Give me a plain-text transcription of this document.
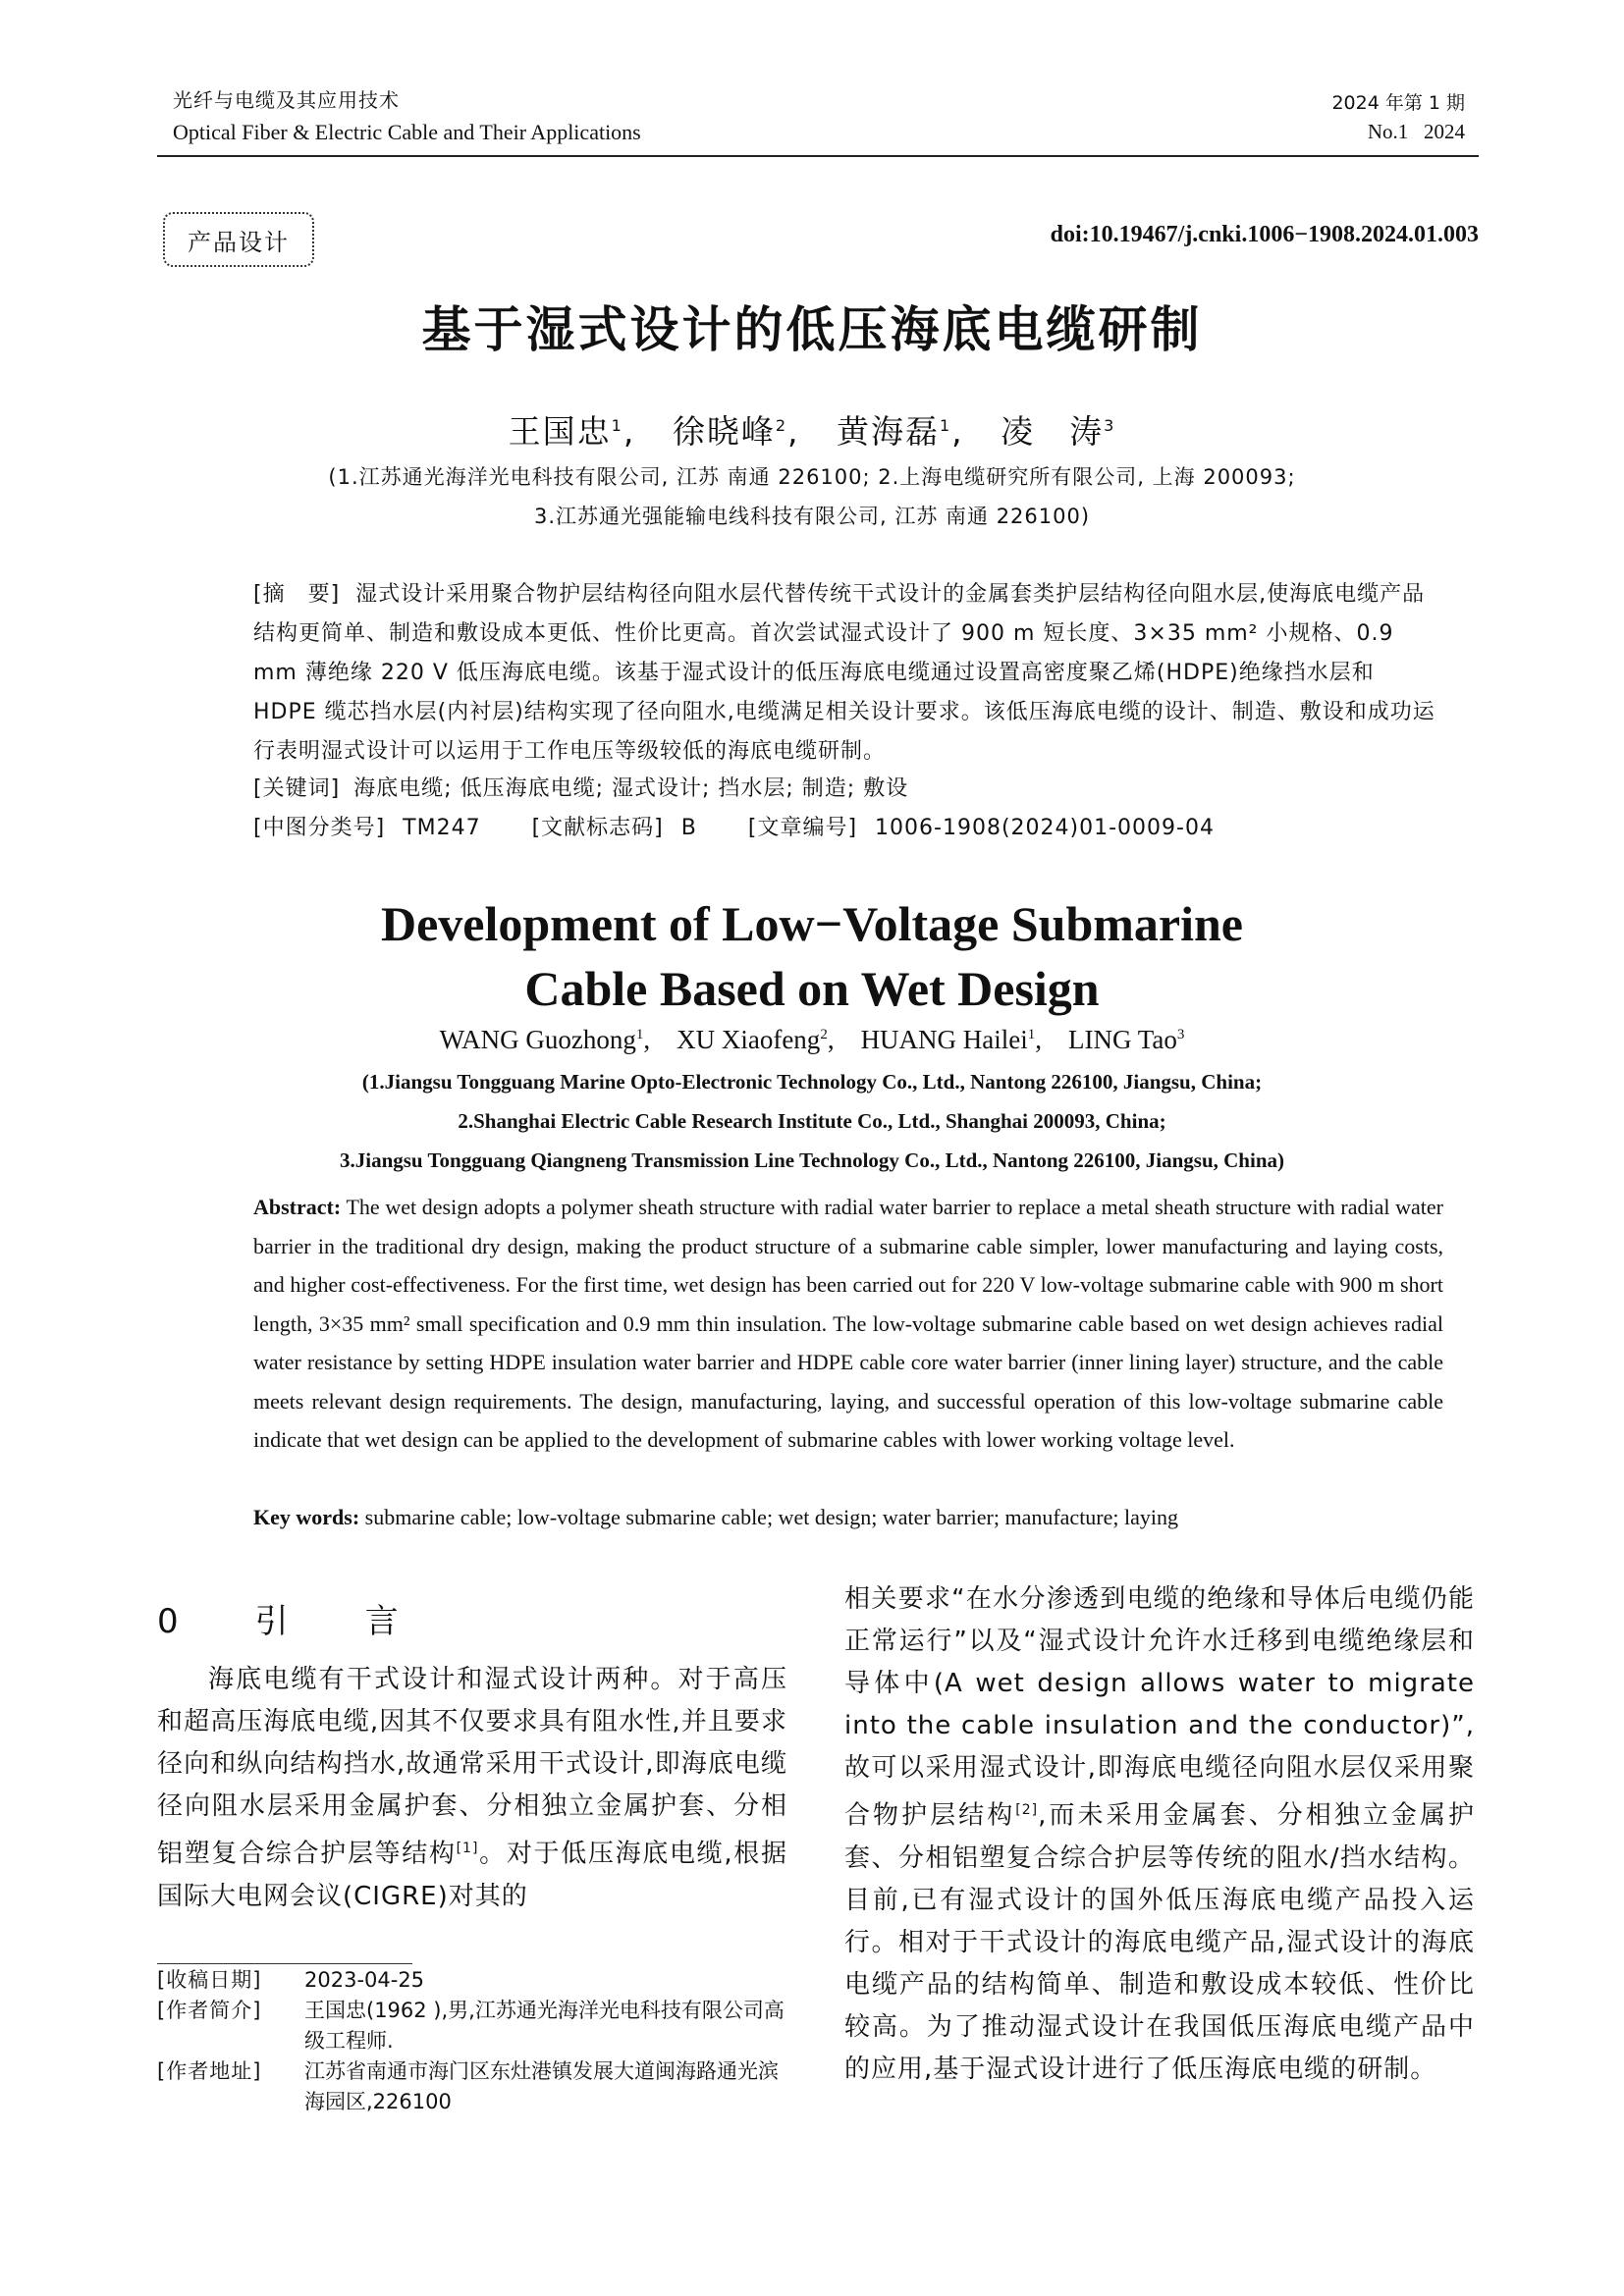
光纤与电缆及其应用技术
Optical Fiber & Electric Cable and Their Applications
2024 年第 1 期
No.1   2024
产品设计	doi:10.19467/j.cnki.1006−1908.2024.01.003
基于湿式设计的低压海底电缆研制
王国忠$^1$,   徐晓峰$^2$,   黄海磊$^1$,   凌　涛$^3$
(1.江苏通光海洋光电科技有限公司, 江苏 南通 226100; 2.上海电缆研究所有限公司, 上海 200093;
3.江苏通光强能输电线科技有限公司, 江苏 南通 226100)
[摘　要] 湿式设计采用聚合物护层结构径向阻水层代替传统干式设计的金属套类护层结构径向阻水层,使海底电缆产品结构更简单、制造和敷设成本更低、性价比更高。首次尝试湿式设计了 900 m 短长度、3×35 mm² 小规格、0.9 mm 薄绝缘 220 V 低压海底电缆。该基于湿式设计的低压海底电缆通过设置高密度聚乙烯(HDPE)绝缘挡水层和 HDPE 缆芯挡水层(内衬层)结构实现了径向阻水,电缆满足相关设计要求。该低压海底电缆的设计、制造、敷设和成功运行表明湿式设计可以运用于工作电压等级较低的海底电缆研制。
[关键词] 海底电缆; 低压海底电缆; 湿式设计; 挡水层; 制造; 敷设
[中图分类号] TM247 [文献标志码] B [文章编号] 1006-1908(2024)01-0009-04
Development of Low−Voltage Submarine
Cable Based on Wet Design
WANG Guozhong$^1$,    XU Xiaofeng$^2$,    HUANG Hailei$^1$,    LING Tao$^3$
(1.Jiangsu Tongguang Marine Opto-Electronic Technology Co., Ltd., Nantong 226100, Jiangsu, China;
2.Shanghai Electric Cable Research Institute Co., Ltd., Shanghai 200093, China;
3.Jiangsu Tongguang Qiangneng Transmission Line Technology Co., Ltd., Nantong 226100, Jiangsu, China)
Abstract: The wet design adopts a polymer sheath structure with radial water barrier to replace a metal sheath structure with radial water barrier in the traditional dry design, making the product structure of a submarine cable simpler, lower manufacturing and laying costs, and higher cost-effectiveness. For the first time, wet design has been carried out for 220 V low-voltage submarine cable with 900 m short length, 3×35 mm² small specification and 0.9 mm thin insulation. The low-voltage submarine cable based on wet design achieves radial water resistance by setting HDPE insulation water barrier and HDPE cable core water barrier (inner lining layer) structure, and the cable meets relevant design requirements. The design, manufacturing, laying, and successful operation of this low-voltage submarine cable indicate that wet design can be applied to the development of submarine cables with lower working voltage level.
Key words: submarine cable; low-voltage submarine cable; wet design; water barrier; manufacture; laying
0　引　言

海底电缆有干式设计和湿式设计两种。对于高压和超高压海底电缆,因其不仅要求具有阻水性,并且要求径向和纵向结构挡水,故通常采用干式设计,即海底电缆径向阻水层采用金属护套、分相独立金属护套、分相铝塑复合综合护层等结构[1]。对于低压海底电缆,根据国际大电网会议(CIGRE)对其的

相关要求“在水分渗透到电缆的绝缘和导体后电缆仍能正常运行”以及“湿式设计允许水迁移到电缆绝缘层和导体中(A wet design allows water to migrate into the cable insulation and the conductor)”,故可以采用湿式设计,即海底电缆径向阻水层仅采用聚合物护层结构[2],而未采用金属套、分相独立金属护套、分相铝塑复合综合护层等传统的阻水/挡水结构。目前,已有湿式设计的国外低压海底电缆产品投入运行。相对于干式设计的海底电缆产品,湿式设计的海底电缆产品的结构简单、制造和敷设成本较低、性价比较高。为了推动湿式设计在我国低压海底电缆产品中的应用,基于湿式设计进行了低压海底电缆的研制。

[收稿日期]	2023-04-25
[作者简介]	王国忠(1962 ),男,江苏通光海洋光电科技有限公司高级工程师.
[作者地址]	江苏省南通市海门区东灶港镇发展大道闽海路通光滨海园区,226100
